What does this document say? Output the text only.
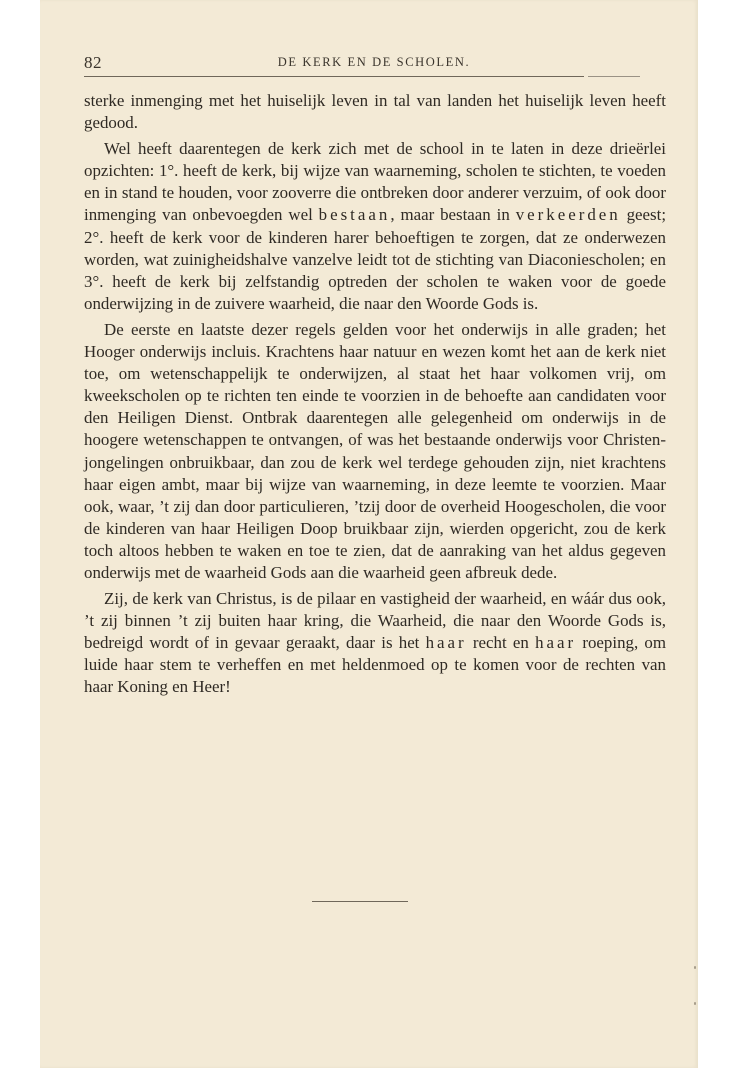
82	DE KERK EN DE SCHOLEN.

sterke inmenging met het huiselijk leven in tal van landen het huiselijk leven heeft gedood.

Wel heeft daarentegen de kerk zich met de school in te laten in deze drieërlei opzichten: 1°. heeft de kerk, bij wijze van waarneming, scholen te stichten, te voeden en in stand te houden, voor zooverre die ontbreken door anderer verzuim, of ook door inmenging van onbevoegden wel bestaan, maar bestaan in verkeerden geest; 2°. heeft de kerk voor de kinderen harer behoeftigen te zorgen, dat ze onderwezen worden, wat zuinigheidshalve vanzelve leidt tot de stichting van Diaconiescholen; en 3°. heeft de kerk bij zelfstandig optreden der scholen te waken voor de goede onderwijzing in de zuivere waarheid, die naar den Woorde Gods is.

De eerste en laatste dezer regels gelden voor het onderwijs in alle graden; het Hooger onderwijs incluis. Krachtens haar natuur en wezen komt het aan de kerk niet toe, om wetenschappelijk te onderwijzen, al staat het haar volkomen vrij, om kweekscholen op te richten ten einde te voorzien in de behoefte aan candidaten voor den Heiligen Dienst. Ontbrak daarentegen alle gelegenheid om onderwijs in de hoogere wetenschappen te ontvangen, of was het bestaande onderwijs voor Christen-jongelingen onbruikbaar, dan zou de kerk wel terdege gehouden zijn, niet krachtens haar eigen ambt, maar bij wijze van waarneming, in deze leemte te voorzien. Maar ook, waar, ’t zij dan door particulieren, ’tzij door de overheid Hoogescholen, die voor de kinderen van haar Heiligen Doop bruikbaar zijn, wierden opgericht, zou de kerk toch altoos hebben te waken en toe te zien, dat de aanraking van het aldus gegeven onderwijs met de waarheid Gods aan die waarheid geen afbreuk dede.

Zij, de kerk van Christus, is de pilaar en vastigheid der waarheid, en wáár dus ook, ’t zij binnen ’t zij buiten haar kring, die Waarheid, die naar den Woorde Gods is, bedreigd wordt of in gevaar geraakt, daar is het haar recht en haar roeping, om luide haar stem te verheffen en met heldenmoed op te komen voor de rechten van haar Koning en Heer!
